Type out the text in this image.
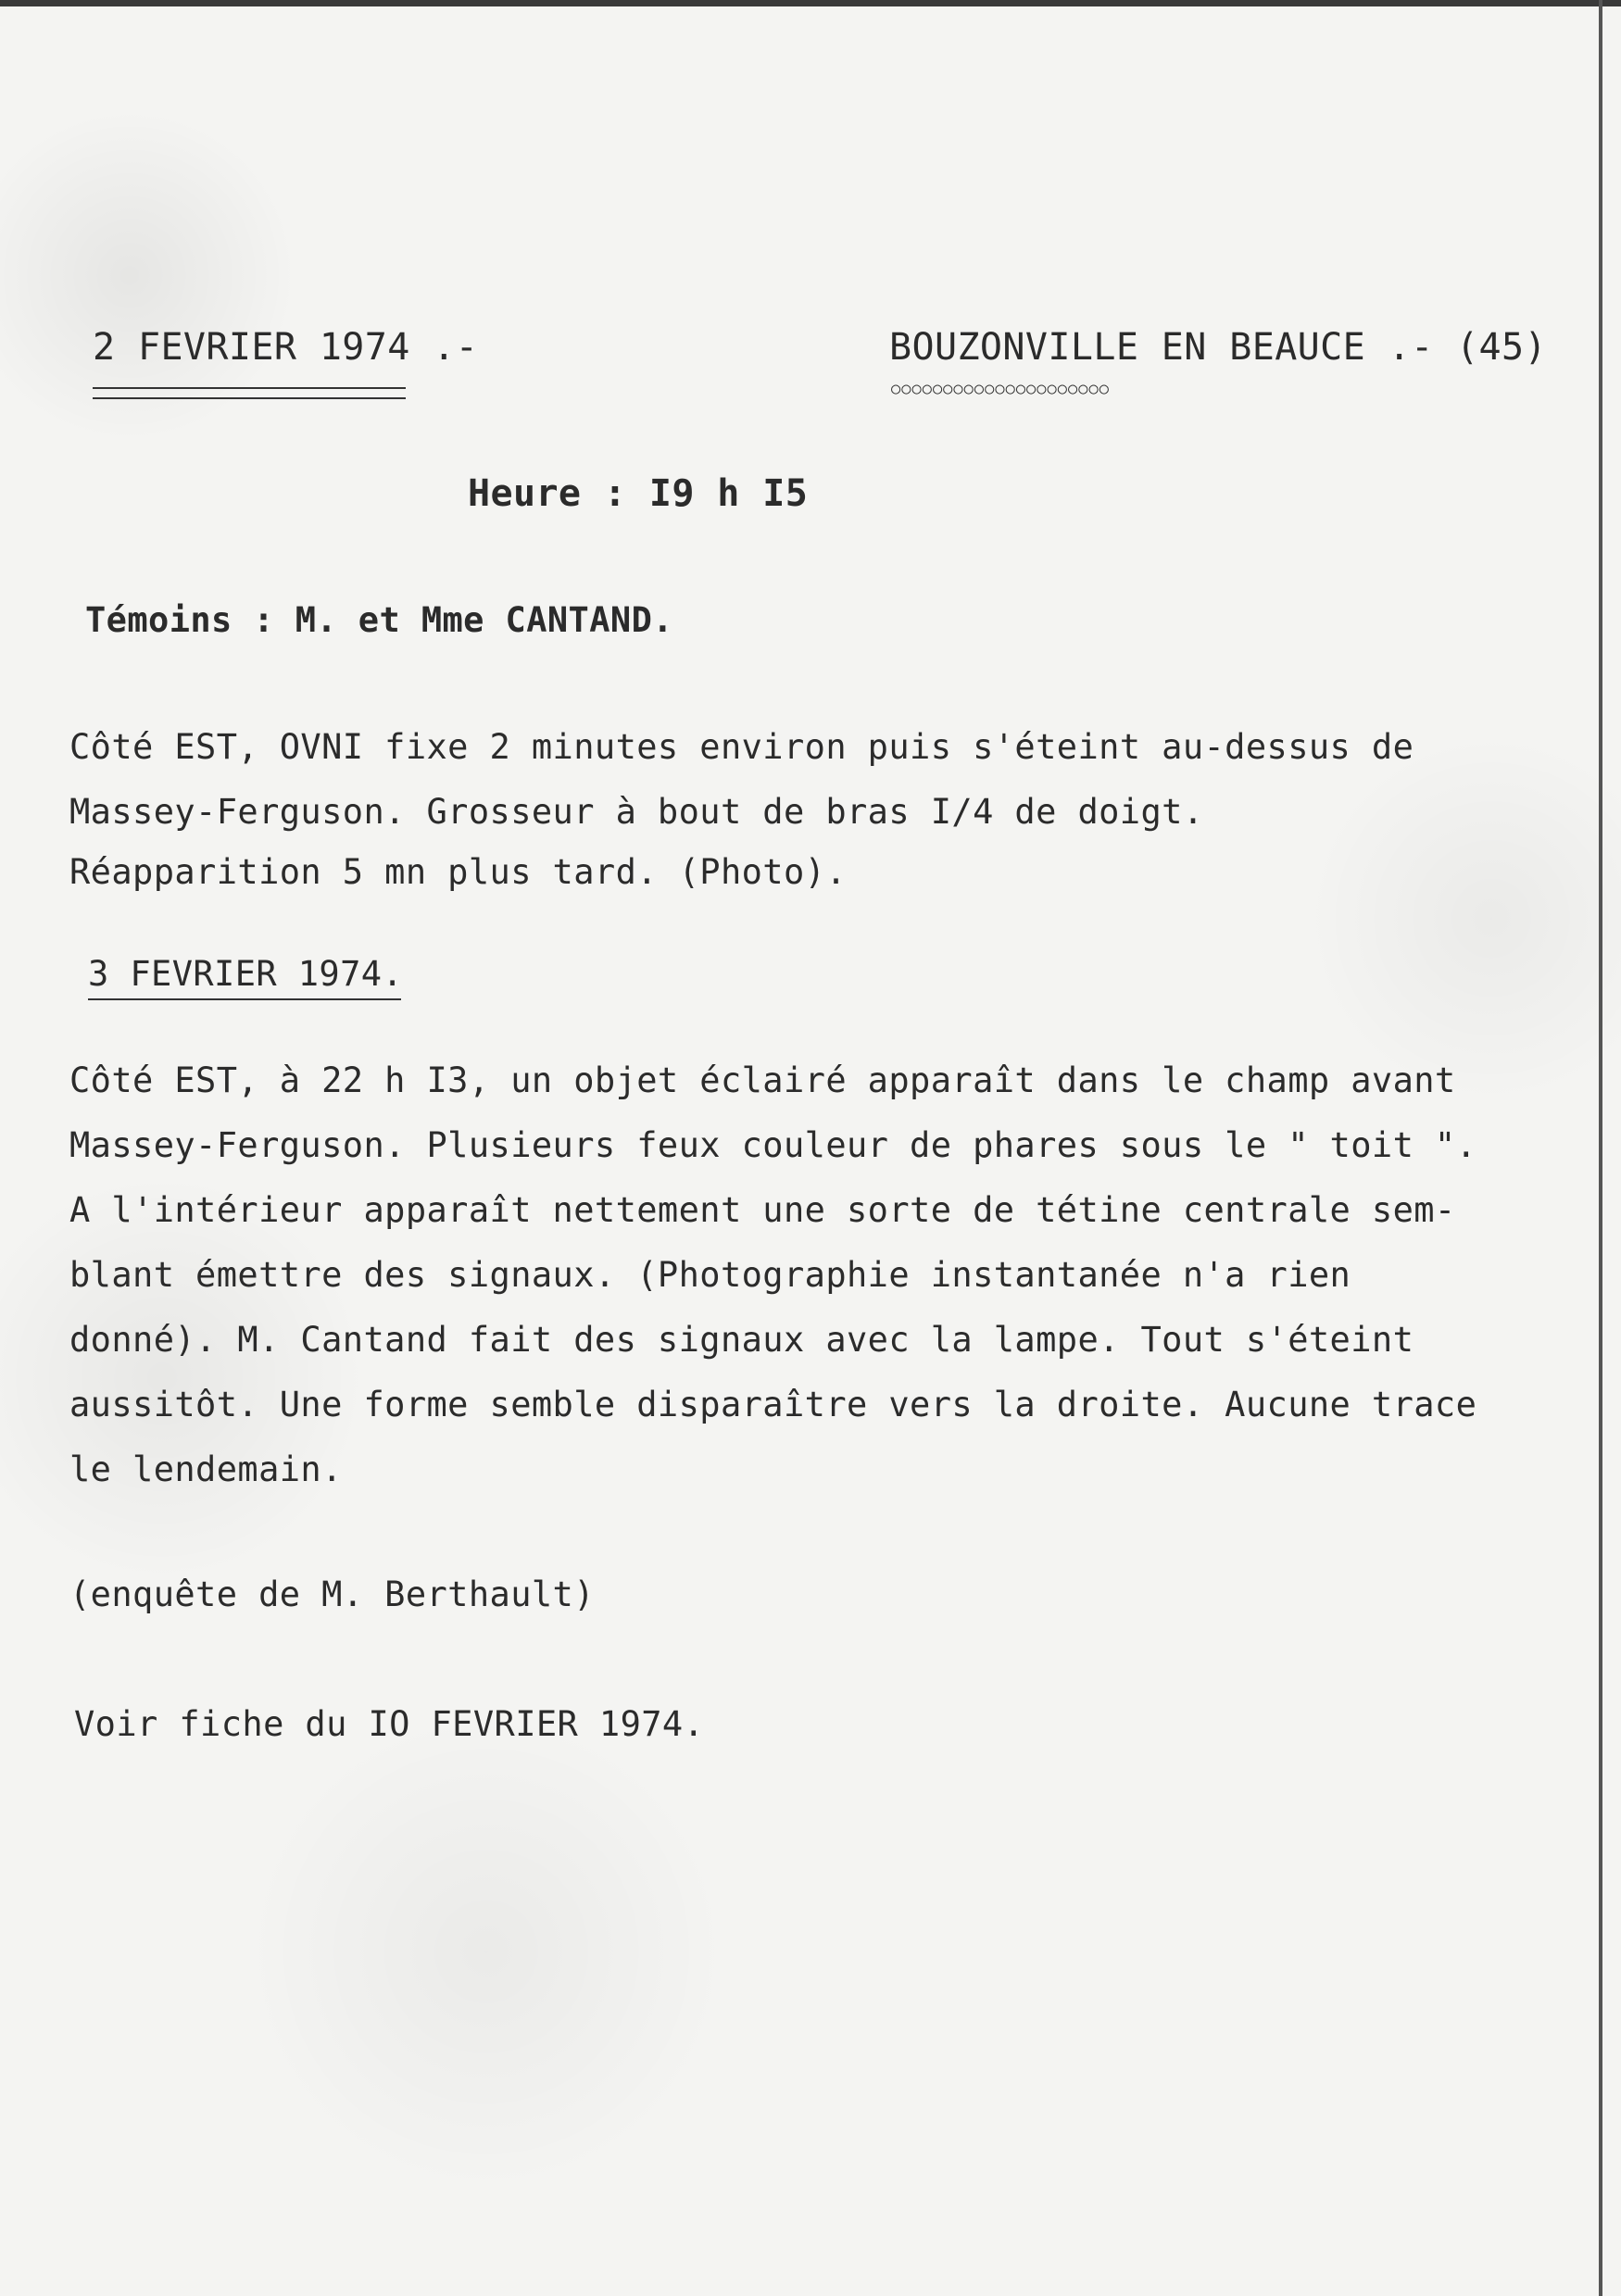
2 FEVRIER 1974 .-	BOUZONVILLE EN BEAUCE .- (45)
○○○○○○○○○○○○○○○○○○○○○
Heure : I9 h I5
Témoins : M. et Mme CANTAND.
Côté EST, OVNI fixe 2 minutes environ puis s'éteint au-dessus de
Massey-Ferguson. Grosseur à bout de bras I/4 de doigt.
Réapparition 5 mn plus tard. (Photo).
3 FEVRIER 1974.
Côté EST, à 22 h I3, un objet éclairé apparaît dans le champ avant
Massey-Ferguson. Plusieurs feux couleur de phares sous le " toit ".
A l'intérieur apparaît nettement une sorte de tétine centrale sem-
blant émettre des signaux. (Photographie instantanée n'a rien
donné). M. Cantand fait des signaux avec la lampe. Tout s'éteint
aussitôt. Une forme semble disparaître vers la droite. Aucune trace
le lendemain.
(enquête de M. Berthault)
Voir fiche du IO FEVRIER 1974.
